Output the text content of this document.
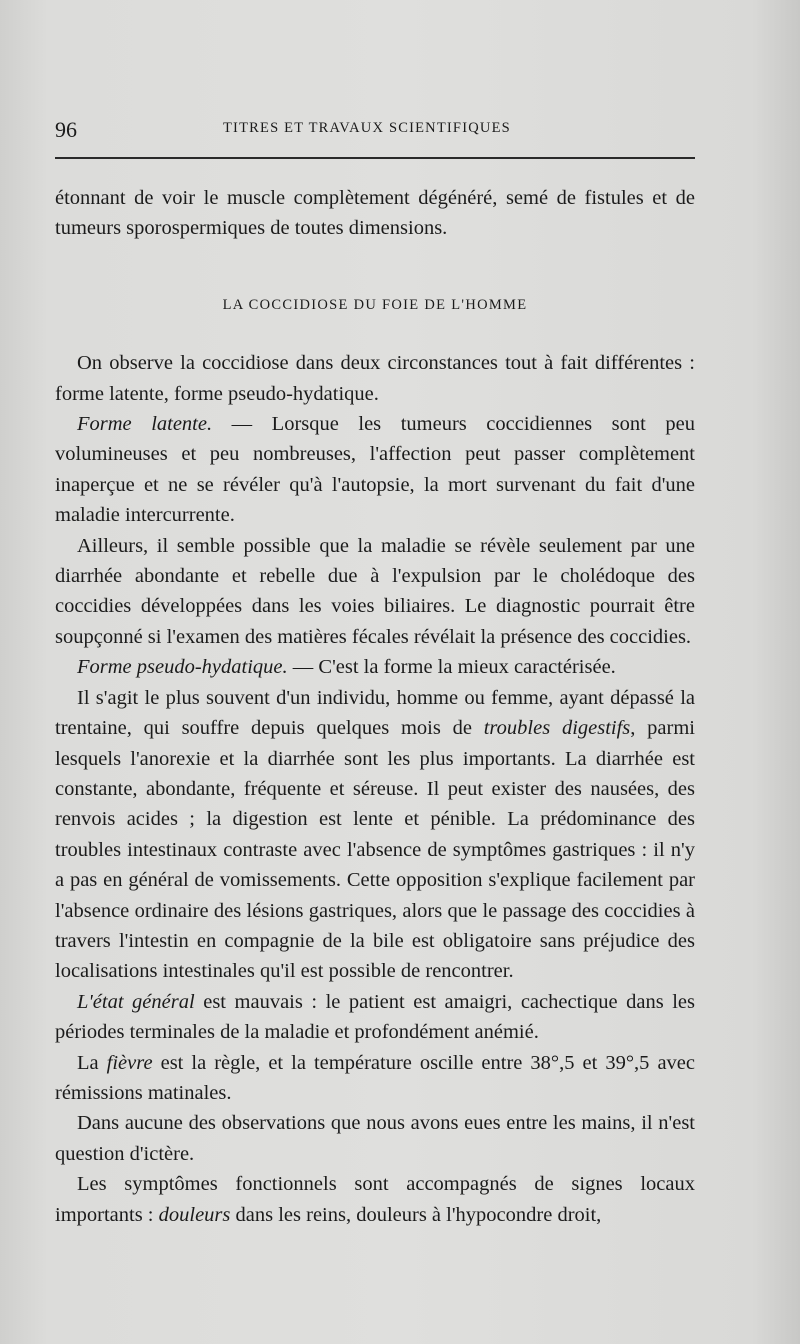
96	TITRES ET TRAVAUX SCIENTIFIQUES

étonnant de voir le muscle complètement dégénéré, semé de fistules et de tumeurs sporospermiques de toutes dimensions.

LA COCCIDIOSE DU FOIE DE L'HOMME

On observe la coccidiose dans deux circonstances tout à fait différentes : forme latente, forme pseudo-hydatique.

Forme latente. — Lorsque les tumeurs coccidiennes sont peu volumineuses et peu nombreuses, l'affection peut passer complètement inaperçue et ne se révéler qu'à l'autopsie, la mort survenant du fait d'une maladie intercurrente.

Ailleurs, il semble possible que la maladie se révèle seulement par une diarrhée abondante et rebelle due à l'expulsion par le cholédoque des coccidies développées dans les voies biliaires. Le diagnostic pourrait être soupçonné si l'examen des matières fécales révélait la présence des coccidies.

Forme pseudo-hydatique. — C'est la forme la mieux caractérisée.

Il s'agit le plus souvent d'un individu, homme ou femme, ayant dépassé la trentaine, qui souffre depuis quelques mois de troubles digestifs, parmi lesquels l'anorexie et la diarrhée sont les plus importants. La diarrhée est constante, abondante, fréquente et séreuse. Il peut exister des nausées, des renvois acides ; la digestion est lente et pénible. La prédominance des troubles intestinaux contraste avec l'absence de symptômes gastriques : il n'y a pas en général de vomissements. Cette opposition s'explique facilement par l'absence ordinaire des lésions gastriques, alors que le passage des coccidies à travers l'intestin en compagnie de la bile est obligatoire sans préjudice des localisations intestinales qu'il est possible de rencontrer.

L'état général est mauvais : le patient est amaigri, cachectique dans les périodes terminales de la maladie et profondément anémié.

La fièvre est la règle, et la température oscille entre 38°,5 et 39°,5 avec rémissions matinales.

Dans aucune des observations que nous avons eues entre les mains, il n'est question d'ictère.

Les symptômes fonctionnels sont accompagnés de signes locaux importants : douleurs dans les reins, douleurs à l'hypocondre droit,
